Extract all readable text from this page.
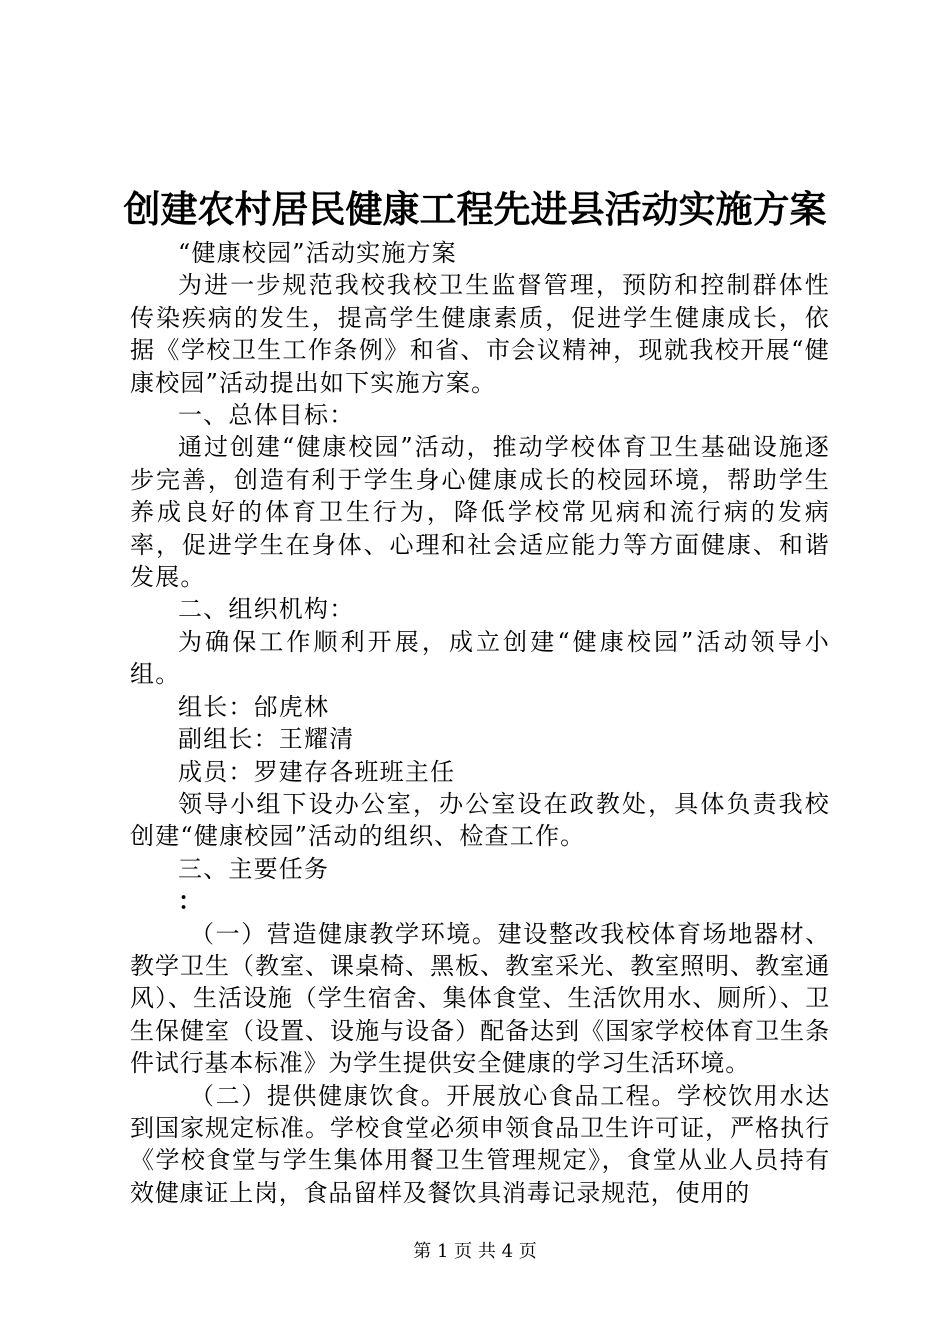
创建农村居民健康工程先进县活动实施方案

“健康校园”活动实施方案

为进一步规范我校我校卫生监督管理，预防和控制群体性传染疾病的发生，提高学生健康素质，促进学生健康成长，依据《学校卫生工作条例》和省、市会议精神，现就我校开展“健康校园”活动提出如下实施方案。

一、总体目标：

通过创建“健康校园”活动，推动学校体育卫生基础设施逐步完善，创造有利于学生身心健康成长的校园环境，帮助学生养成良好的体育卫生行为，降低学校常见病和流行病的发病率，促进学生在身体、心理和社会适应能力等方面健康、和谐发展。

二、组织机构：

为确保工作顺利开展，成立创建“健康校园”活动领导小组。

组长：邰虎林

副组长：王耀清

成员：罗建存各班班主任

领导小组下设办公室，办公室设在政教处，具体负责我校创建“健康校园”活动的组织、检查工作。

三、主要任务

：

（一）营造健康教学环境。建设整改我校体育场地器材、教学卫生（教室、课桌椅、黑板、教室采光、教室照明、教室通风）、生活设施（学生宿舍、集体食堂、生活饮用水、厕所）、卫生保健室（设置、设施与设备）配备达到《国家学校体育卫生条件试行基本标准》为学生提供安全健康的学习生活环境。

（二）提供健康饮食。开展放心食品工程。学校饮用水达到国家规定标准。学校食堂必须申领食品卫生许可证，严格执行《学校食堂与学生集体用餐卫生管理规定》，食堂从业人员持有效健康证上岗，食品留样及餐饮具消毒记录规范，使用的

第 1 页 共 4 页
